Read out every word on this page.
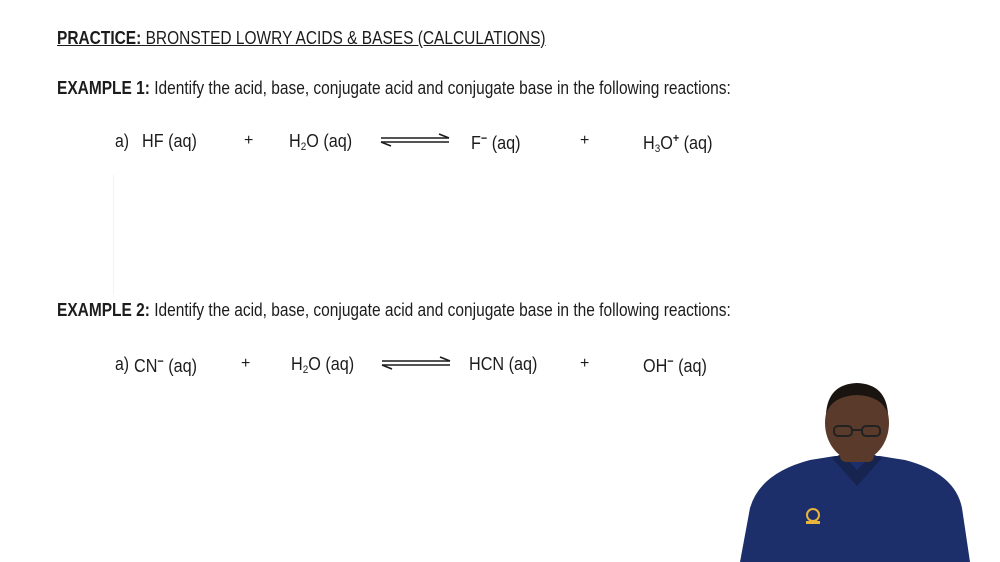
PRACTICE: BRONSTED LOWRY ACIDS & BASES (CALCULATIONS)
EXAMPLE 1: Identify the acid, base, conjugate acid and conjugate base in the following reactions:
a) HF (aq)	+ $H_2O$ (aq)	F− (aq)	+	$H_3O^+$ (aq)
EXAMPLE 2: Identify the acid, base, conjugate acid and conjugate base in the following reactions:
a) CN− (aq)	+ $H_2O$ (aq)	HCN (aq)	+	OH− (aq)
